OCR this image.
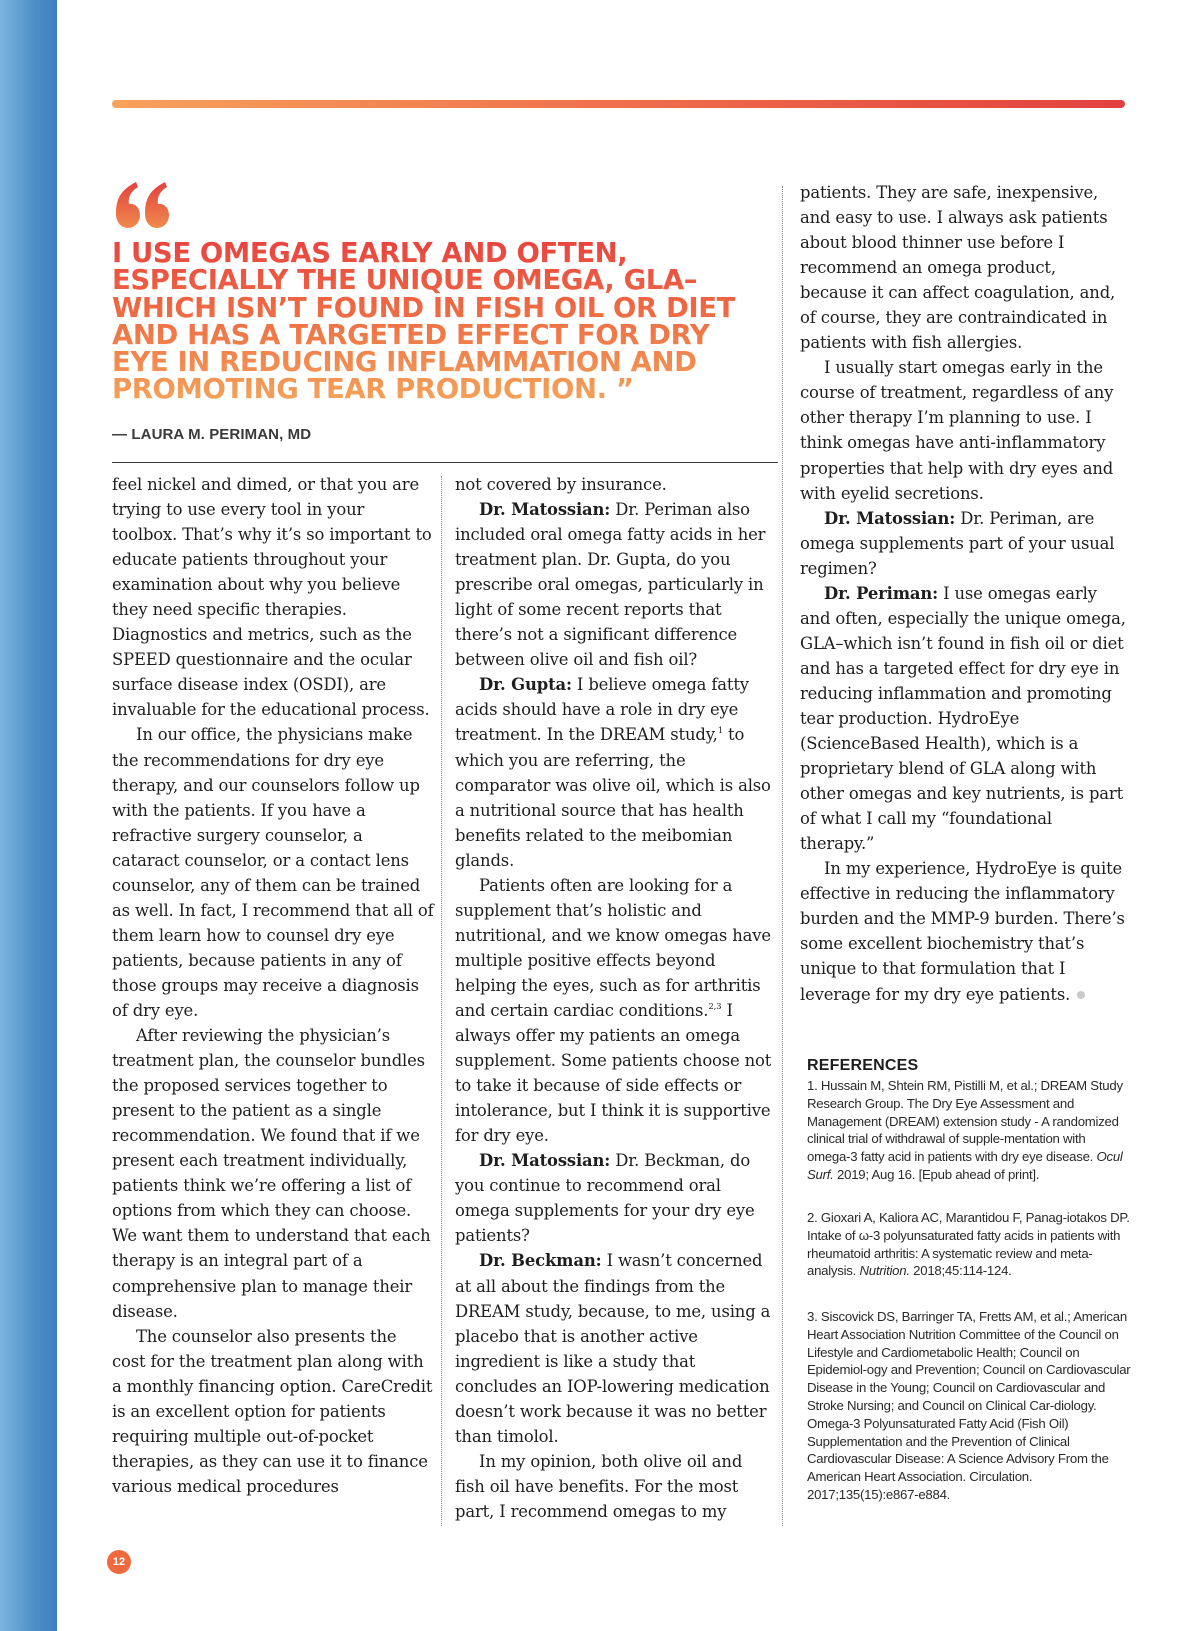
I USE OMEGAS EARLY AND OFTEN, ESPECIALLY THE UNIQUE OMEGA, GLA–WHICH ISN’T FOUND IN FISH OIL OR DIET AND HAS A TARGETED EFFECT FOR DRY EYE IN REDUCING INFLAMMATION AND PROMOTING TEAR PRODUCTION. ”

— LAURA M. PERIMAN, MD

feel nickel and dimed, or that you are trying to use every tool in your toolbox. That’s why it’s so important to educate patients throughout your examination about why you believe they need specific therapies. Diagnostics and metrics, such as the SPEED questionnaire and the ocular surface disease index (OSDI), are invaluable for the educational process.

In our office, the physicians make the recommendations for dry eye therapy, and our counselors follow up with the patients. If you have a refractive surgery counselor, a cataract counselor, or a contact lens counselor, any of them can be trained as well. In fact, I recommend that all of them learn how to counsel dry eye patients, because patients in any of those groups may receive a diagnosis of dry eye.

After reviewing the physician’s treatment plan, the counselor bundles the proposed services together to present to the patient as a single recommendation. We found that if we present each treatment individually, patients think we’re offering a list of options from which they can choose. We want them to understand that each therapy is an integral part of a comprehensive plan to manage their disease.

The counselor also presents the cost for the treatment plan along with a monthly financing option. CareCredit is an excellent option for patients requiring multiple out-of-pocket therapies, as they can use it to finance various medical procedures

not covered by insurance.

Dr. Matossian: Dr. Periman also included oral omega fatty acids in her treatment plan. Dr. Gupta, do you prescribe oral omegas, particularly in light of some recent reports that there’s not a significant difference between olive oil and fish oil?

Dr. Gupta: I believe omega fatty acids should have a role in dry eye treatment. In the DREAM study,$^1$ to which you are referring, the comparator was olive oil, which is also a nutritional source that has health benefits related to the meibomian glands.

Patients often are looking for a supplement that’s holistic and nutritional, and we know omegas have multiple positive effects beyond helping the eyes, such as for arthritis and certain cardiac conditions.$^{2,3}$ I always offer my patients an omega supplement. Some patients choose not to take it because of side effects or intolerance, but I think it is supportive for dry eye.

Dr. Matossian: Dr. Beckman, do you continue to recommend oral omega supplements for your dry eye patients?

Dr. Beckman: I wasn’t concerned at all about the findings from the DREAM study, because, to me, using a placebo that is another active ingredient is like a study that concludes an IOP-lowering medication doesn’t work because it was no better than timolol.

In my opinion, both olive oil and fish oil have benefits. For the most part, I recommend omegas to my

patients. They are safe, inexpensive, and easy to use. I always ask patients about blood thinner use before I recommend an omega product, because it can affect coagulation, and, of course, they are contraindicated in patients with fish allergies.

I usually start omegas early in the course of treatment, regardless of any other therapy I’m planning to use. I think omegas have anti-inflammatory properties that help with dry eyes and with eyelid secretions.

Dr. Matossian: Dr. Periman, are omega supplements part of your usual regimen?

Dr. Periman: I use omegas early and often, especially the unique omega, GLA–which isn’t found in fish oil or diet and has a targeted effect for dry eye in reducing inflammation and promoting tear production. HydroEye (ScienceBased Health), which is a proprietary blend of GLA along with other omegas and key nutrients, is part of what I call my “foundational therapy.”

In my experience, HydroEye is quite effective in reducing the inflammatory burden and the MMP-9 burden. There’s some excellent biochemistry that’s unique to that formulation that I leverage for my dry eye patients.

REFERENCES

1. Hussain M, Shtein RM, Pistilli M, et al.; DREAM Study Research Group. The Dry Eye Assessment and Management (DREAM) extension study - A randomized clinical trial of withdrawal of supple-mentation with omega-3 fatty acid in patients with dry eye disease. Ocul Surf. 2019; Aug 16. [Epub ahead of print].

2. Gioxari A, Kaliora AC, Marantidou F, Panag-iotakos DP. Intake of ω-3 polyunsaturated fatty acids in patients with rheumatoid arthritis: A systematic review and meta-analysis. Nutrition. 2018;45:114-124.

3. Siscovick DS, Barringer TA, Fretts AM, et al.; American Heart Association Nutrition Committee of the Council on Lifestyle and Cardiometabolic Health; Council on Epidemiol-ogy and Prevention; Council on Cardiovascular Disease in the Young; Council on Cardiovascular and Stroke Nursing; and Council on Clinical Car-diology. Omega-3 Polyunsaturated Fatty Acid (Fish Oil) Supplementation and the Prevention of Clinical Cardiovascular Disease: A Science Advisory From the American Heart Association. Circulation. 2017;135(15):e867-e884.

12
